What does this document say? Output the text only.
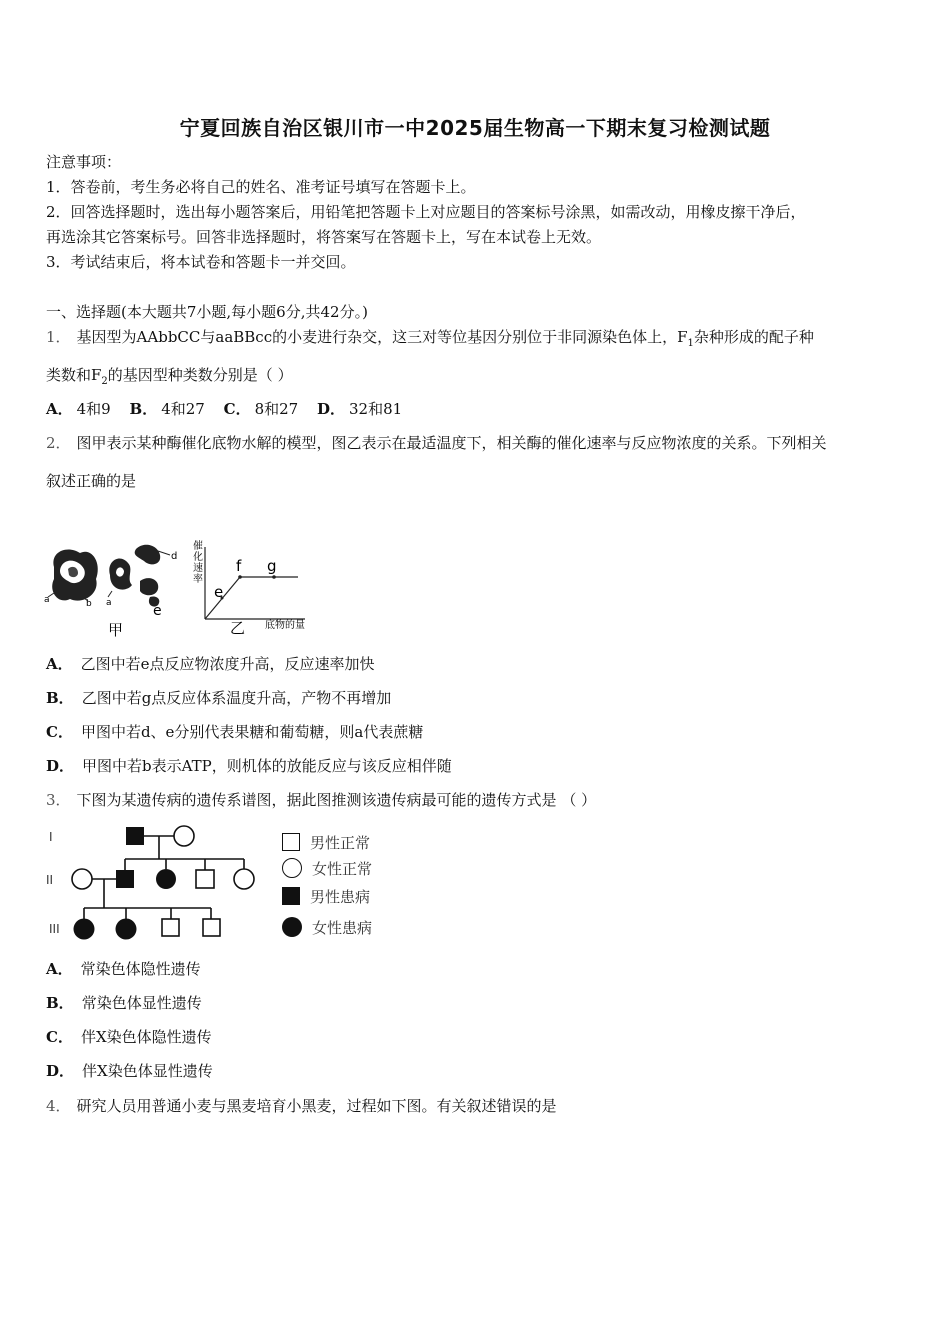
宁夏回族自治区银川市一中2025届生物高一下期末复习检测试题
注意事项：
1．答卷前，考生务必将自己的姓名、准考证号填写在答题卡上。
2．回答选择题时，选出每小题答案后，用铅笔把答题卡上对应题目的答案标号涂黑，如需改动，用橡皮擦干净后，
再选涂其它答案标号。回答非选择题时，将答案写在答题卡上，写在本试卷上无效。
3．考试结束后，将本试卷和答题卡一并交回。
一、选择题(本大题共7小题,每小题6分,共42分。)
1． 基因型为AAbbCC与aaBBcc的小麦进行杂交，这三对等位基因分别位于非同源染色体上，$F_1$杂种形成的配子种
类数和$F_2$的基因型种类数分别是（ ）
A． 4和9 B． 4和27 C． 8和27 D． 32和81
2． 图甲表示某种酶催化底物水解的模型，图乙表示在最适温度下，相关酶的催化速率与反应物浓度的关系。下列相关
叙述正确的是
a	b a
d
e
甲
催
化
速
率
e
f g
乙 底物的量
A． 乙图中若e点反应物浓度升高，反应速率加快
B． 乙图中若g点反应体系温度升高，产物不再增加
C． 甲图中若d、e分别代表果糖和葡萄糖，则a代表蔗糖
D． 甲图中若b表示ATP，则机体的放能反应与该反应相伴随
3． 下图为某遗传病的遗传系谱图，据此图推测该遗传病最可能的遗传方式是 （ ）
I
II
III
男性正常
女性正常
男性患病
女性患病
A． 常染色体隐性遗传
B． 常染色体显性遗传
C． 伴X染色体隐性遗传
D． 伴X染色体显性遗传
4． 研究人员用普通小麦与黑麦培育小黑麦，过程如下图。有关叙述错误的是
